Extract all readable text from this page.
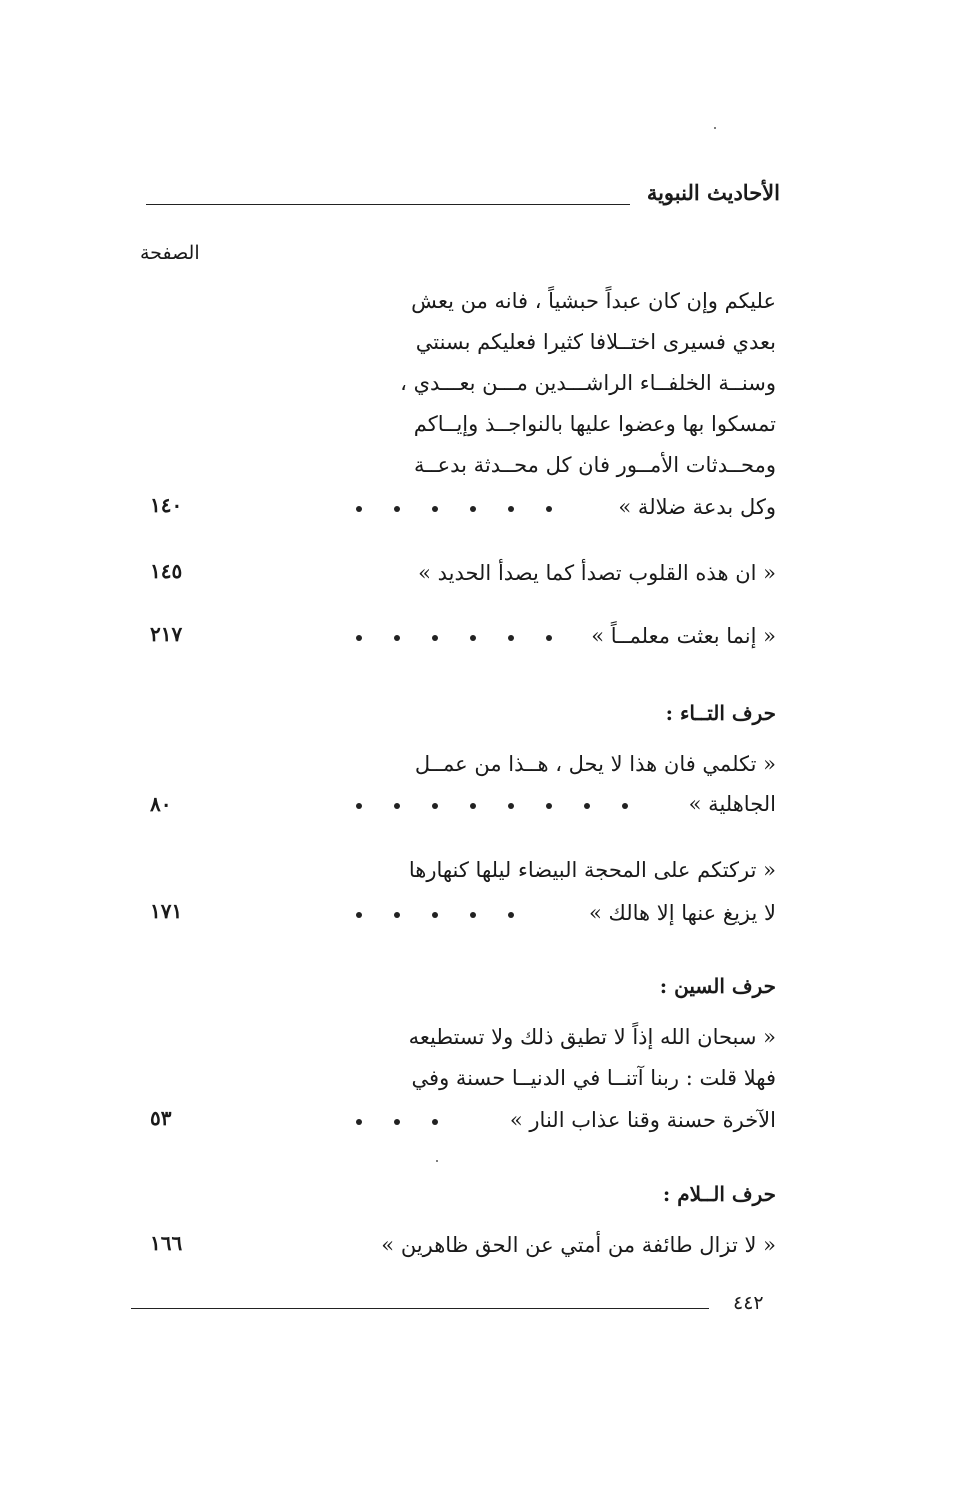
الأحاديث النبوية
الصفحة
عليكم وإن كان عبداً حبشياً ، فانه من يعش
بعدي فسيرى اختــلافا كثيرا فعليكم بسنتي
وسنــة الخلفــاء الراشـــدين مـــن بعـــدي ،
تمسكوا بها وعضوا عليها بالنواجــذ وإيــاكم
ومحــدثات الأمــور فان كل محــدثة بدعــة
وكل بدعة ضلالة »
١٤٠
« ان هذه القلوب تصدأ كما يصدأ الحديد »
١٤٥
« إنما بعثت معلمــاً »
٢١٧
حرف التــاء :
« تكلمي فان هذا لا يحل ، هــذا من عمــل
الجاهلية »
٨٠
« تركتكم على المحجة البيضاء ليلها كنهارها
لا يزيغ عنها إلا هالك »
١٧١
حرف السين :
« سبحان الله إذاً لا تطيق ذلك ولا تستطيعه
فهلا قلت : ربنا آتنــا في الدنيــا حسنة وفي
الآخرة حسنة وقنا عذاب النار »
٥٣
حرف الــلام :
« لا تزال طائفة من أمتي عن الحق ظاهرين »
١٦٦
٤٤٢
